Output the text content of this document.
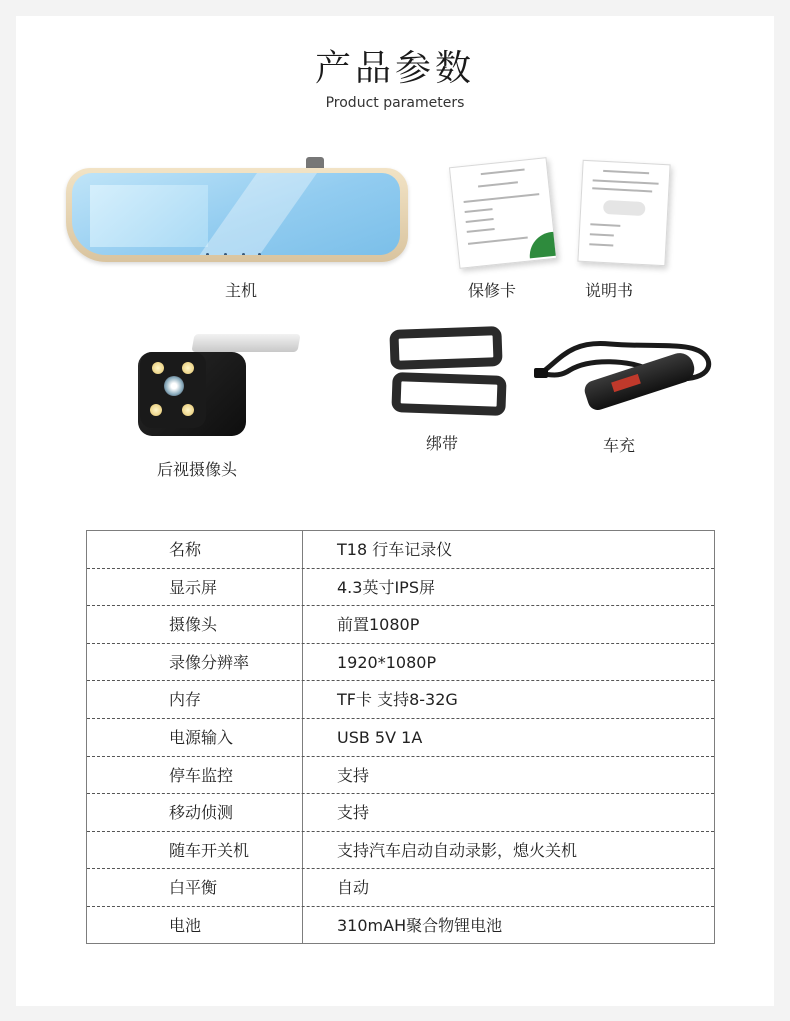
产品参数
Product parameters
主机	保修卡	说明书
后视摄像头
绑带	车充
名称	T18 行车记录仪
显示屏	4.3英寸IPS屏
摄像头	前置1080P
录像分辨率	1920*1080P
内存	TF卡 支持8-32G
电源输入	USB 5V 1A
停车监控	支持
移动侦测	支持
随车开关机	支持汽车启动自动录影，熄火关机
白平衡	自动
电池	310mAH聚合物锂电池
